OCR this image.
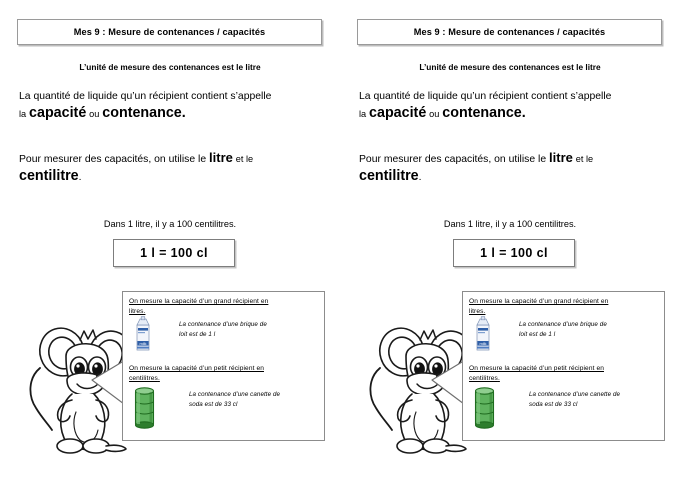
Mes 9 : Mesure de contenances / capacités
L’unité de mesure des contenances est le litre
La quantité de liquide qu’un récipient contient s’appelle
la capacité ou contenance.
Pour mesurer des capacités, on utilise le litre et le
centilitre.
Dans 1 litre, il y a 100 centilitres.
1 l = 100 cl
On mesure la capacité d’un grand récipient en
litres.
milk
La contenance d’une brique de
loit est de 1 l
On mesure la capacité d’un petit récipient en
centilitres.
La contenance d’une canette de
soda est de 33 cl
Mes 9 : Mesure de contenances / capacités
L’unité de mesure des contenances est le litre
La quantité de liquide qu’un récipient contient s’appelle
la capacité ou contenance.
Pour mesurer des capacités, on utilise le litre et le
centilitre.
Dans 1 litre, il y a 100 centilitres.
1 l = 100 cl
On mesure la capacité d’un grand récipient en
litres.
milk
La contenance d’une brique de
loit est de 1 l
On mesure la capacité d’un petit récipient en
centilitres.
La contenance d’une canette de
soda est de 33 cl
